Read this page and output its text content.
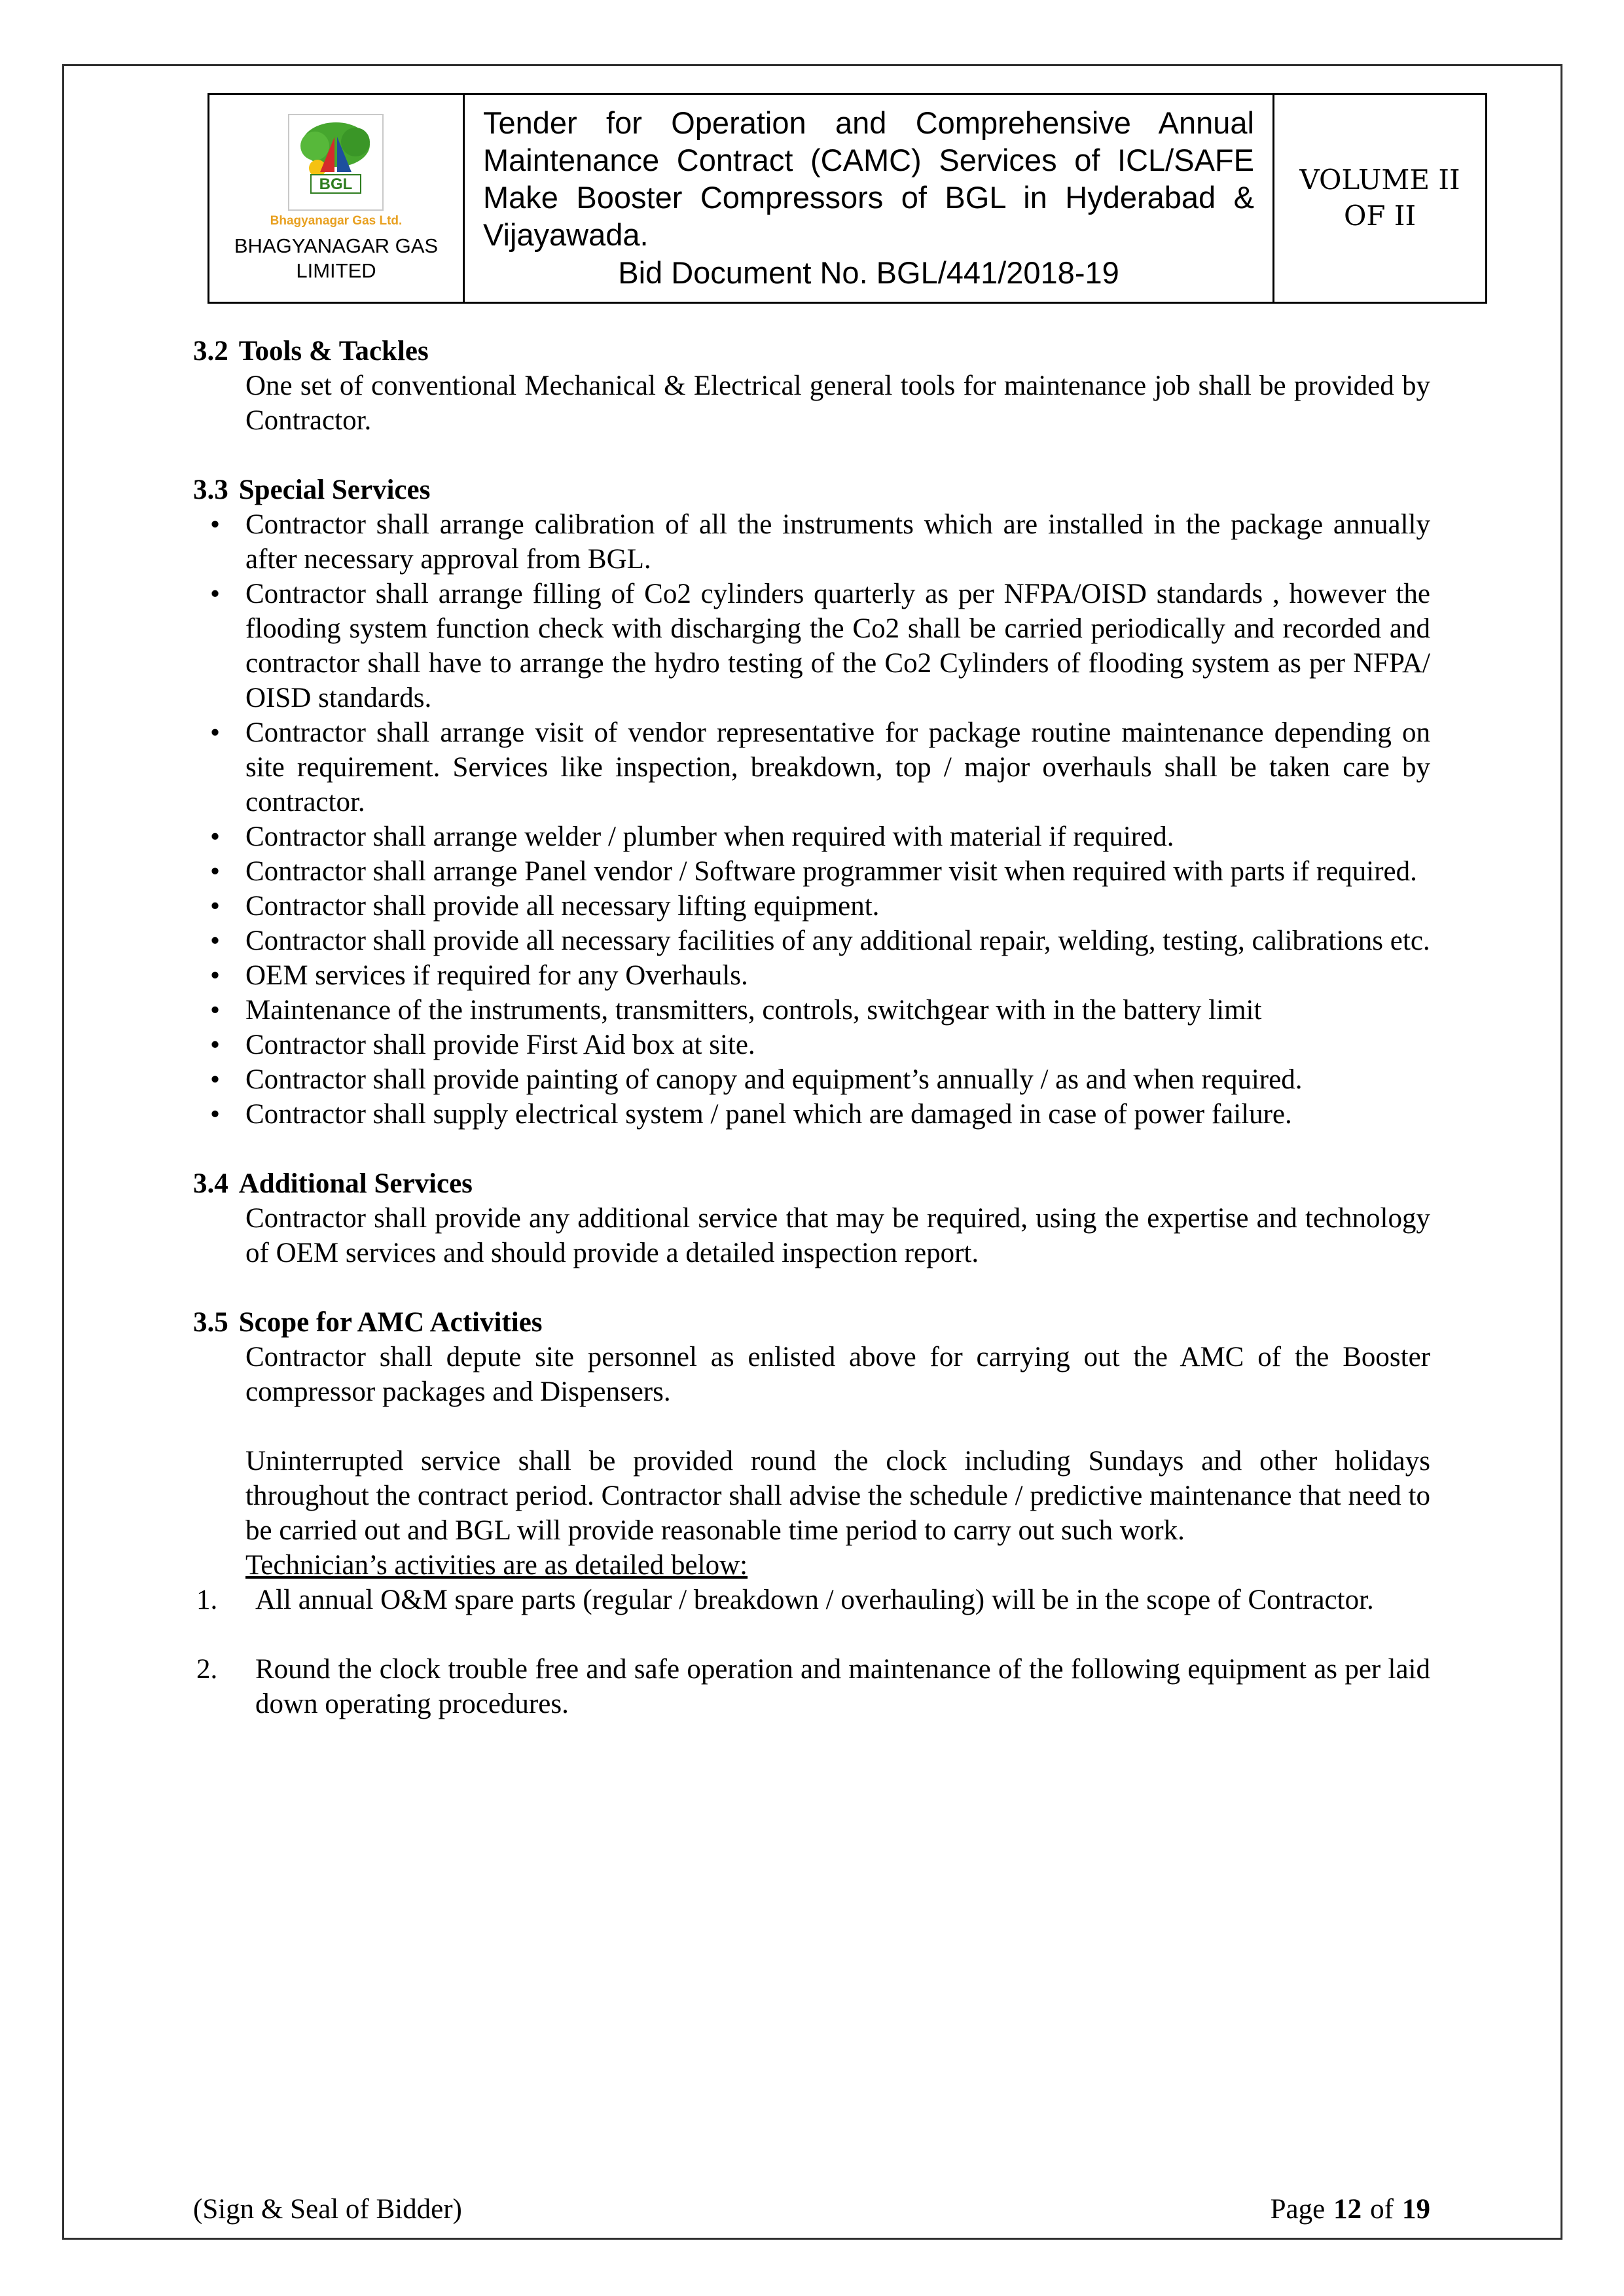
BGL
Bhagyanagar Gas Ltd.
BHAGYANAGAR GAS LIMITED

Tender for Operation and Comprehensive Annual Maintenance Contract (CAMC) Services of ICL/SAFE Make Booster Compressors of BGL in Hyderabad & Vijayawada.
Bid Document No. BGL/441/2018-19

VOLUME II
OF II
3.2 Tools & Tackles

One set of conventional Mechanical & Electrical general tools for maintenance job shall be provided by Contractor.

3.3 Special Services
• Contractor shall arrange calibration of all the instruments which are installed in the package annually after necessary approval from BGL.
• Contractor shall arrange filling of Co2 cylinders quarterly as per NFPA/OISD standards , however the flooding system function check with discharging the Co2 shall be carried periodically and recorded and contractor shall have to arrange the hydro testing of the Co2 Cylinders of flooding system as per NFPA/ OISD standards.
• Contractor shall arrange visit of vendor representative for package routine maintenance depending on site requirement. Services like inspection, breakdown, top / major overhauls shall be taken care by contractor.
• Contractor shall arrange welder / plumber when required with material if required.
• Contractor shall arrange Panel vendor / Software programmer visit when required with parts if required.
• Contractor shall provide all necessary lifting equipment.
• Contractor shall provide all necessary facilities of any additional repair, welding, testing, calibrations etc.
• OEM services if required for any Overhauls.
• Maintenance of the instruments, transmitters, controls, switchgear with in the battery limit
• Contractor shall provide First Aid box at site.
• Contractor shall provide painting of canopy and equipment’s annually / as and when required.
• Contractor shall supply electrical system / panel which are damaged in case of power failure.
3.4 Additional Services

Contractor shall provide any additional service that may be required, using the expertise and technology of OEM services and should provide a detailed inspection report.

3.5 Scope for AMC Activities

Contractor shall depute site personnel as enlisted above for carrying out the AMC of the Booster compressor packages and Dispensers.

Uninterrupted service shall be provided round the clock including Sundays and other holidays throughout the contract period. Contractor shall advise the schedule / predictive maintenance that need to be carried out and BGL will provide reasonable time period to carry out such work.

Technician’s activities are as detailed below:

1. All annual O&M spare parts (regular / breakdown / overhauling) will be in the scope of Contractor.
2. Round the clock trouble free and safe operation and maintenance of the following equipment as per laid down operating procedures.
(Sign & Seal of Bidder)	Page 12 of 19
